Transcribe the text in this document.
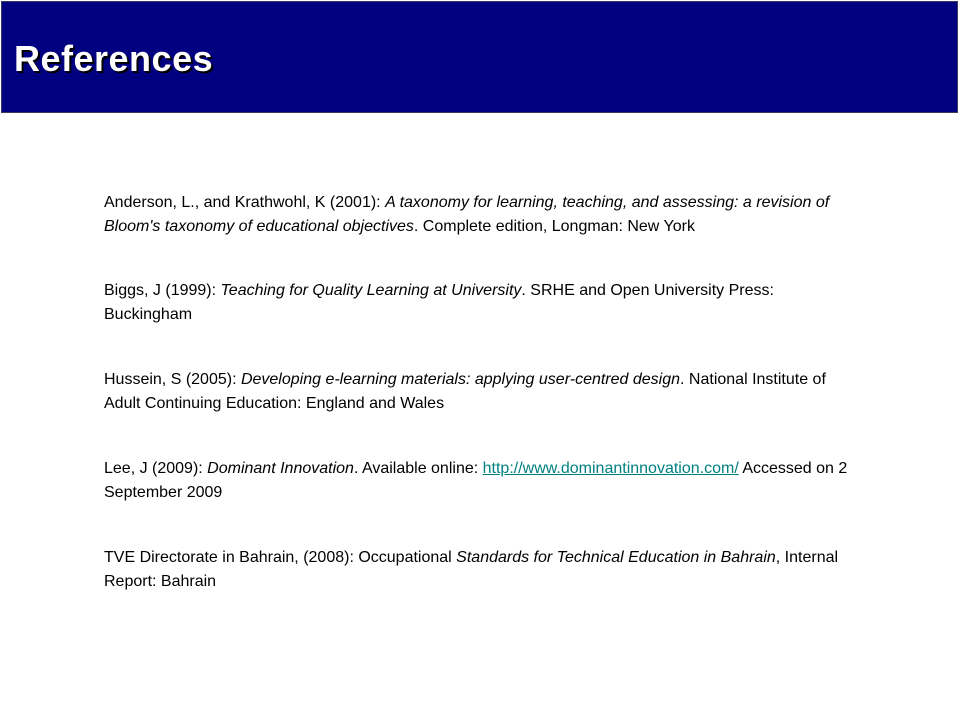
References

Anderson, L., and Krathwohl, K (2001): A taxonomy for learning, teaching, and assessing: a revision of Bloom's taxonomy of educational objectives. Complete edition, Longman: New York

Biggs, J (1999): Teaching for Quality Learning at University. SRHE and Open University Press: Buckingham

Hussein, S (2005): Developing e-learning materials: applying user-centred design. National Institute of Adult Continuing Education: England and Wales

Lee, J (2009): Dominant Innovation. Available online: http://www.dominantinnovation.com/ Accessed on 2 September 2009

TVE Directorate in Bahrain, (2008): Occupational Standards for Technical Education in Bahrain, Internal Report: Bahrain
